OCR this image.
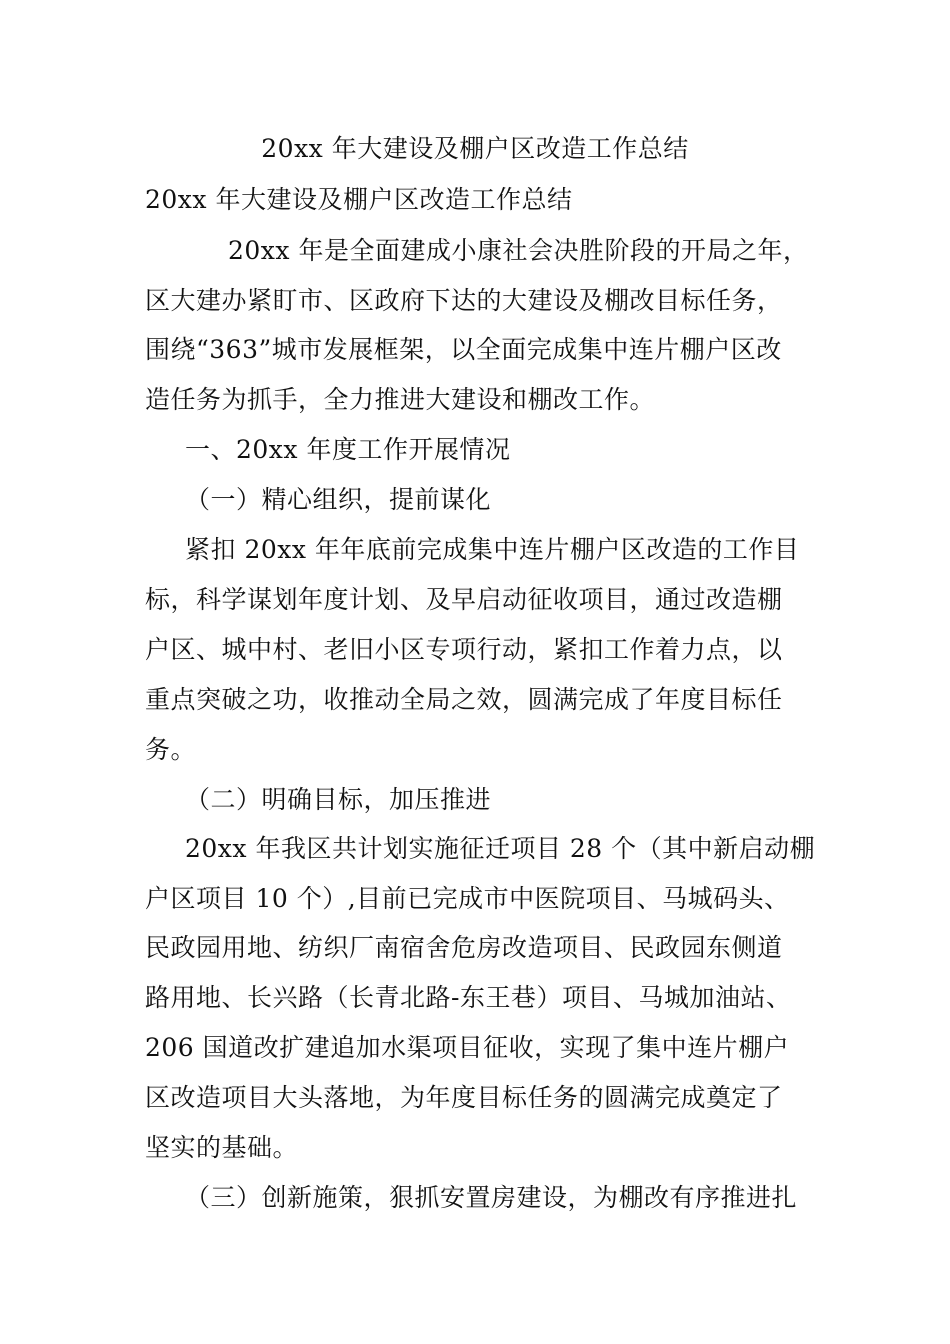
20xx 年大建设及棚户区改造工作总结
20xx 年大建设及棚户区改造工作总结
20xx 年是全面建成小康社会决胜阶段的开局之年，
区大建办紧盯市、区政府下达的大建设及棚改目标任务，
围绕“363”城市发展框架，以全面完成集中连片棚户区改
造任务为抓手，全力推进大建设和棚改工作。
一、20xx 年度工作开展情况
（一）精心组织，提前谋化
紧扣 20xx 年年底前完成集中连片棚户区改造的工作目
标，科学谋划年度计划、及早启动征收项目，通过改造棚
户区、城中村、老旧小区专项行动，紧扣工作着力点，以
重点突破之功，收推动全局之效，圆满完成了年度目标任
务。
（二）明确目标，加压推进
20xx 年我区共计划实施征迁项目 28 个（其中新启动棚
户区项目 10 个）,目前已完成市中医院项目、马城码头、
民政园用地、纺织厂南宿舍危房改造项目、民政园东侧道
路用地、长兴路（长青北路-东王巷）项目、马城加油站、
206 国道改扩建追加水渠项目征收，实现了集中连片棚户
区改造项目大头落地，为年度目标任务的圆满完成奠定了
坚实的基础。
（三）创新施策，狠抓安置房建设，为棚改有序推进扎
